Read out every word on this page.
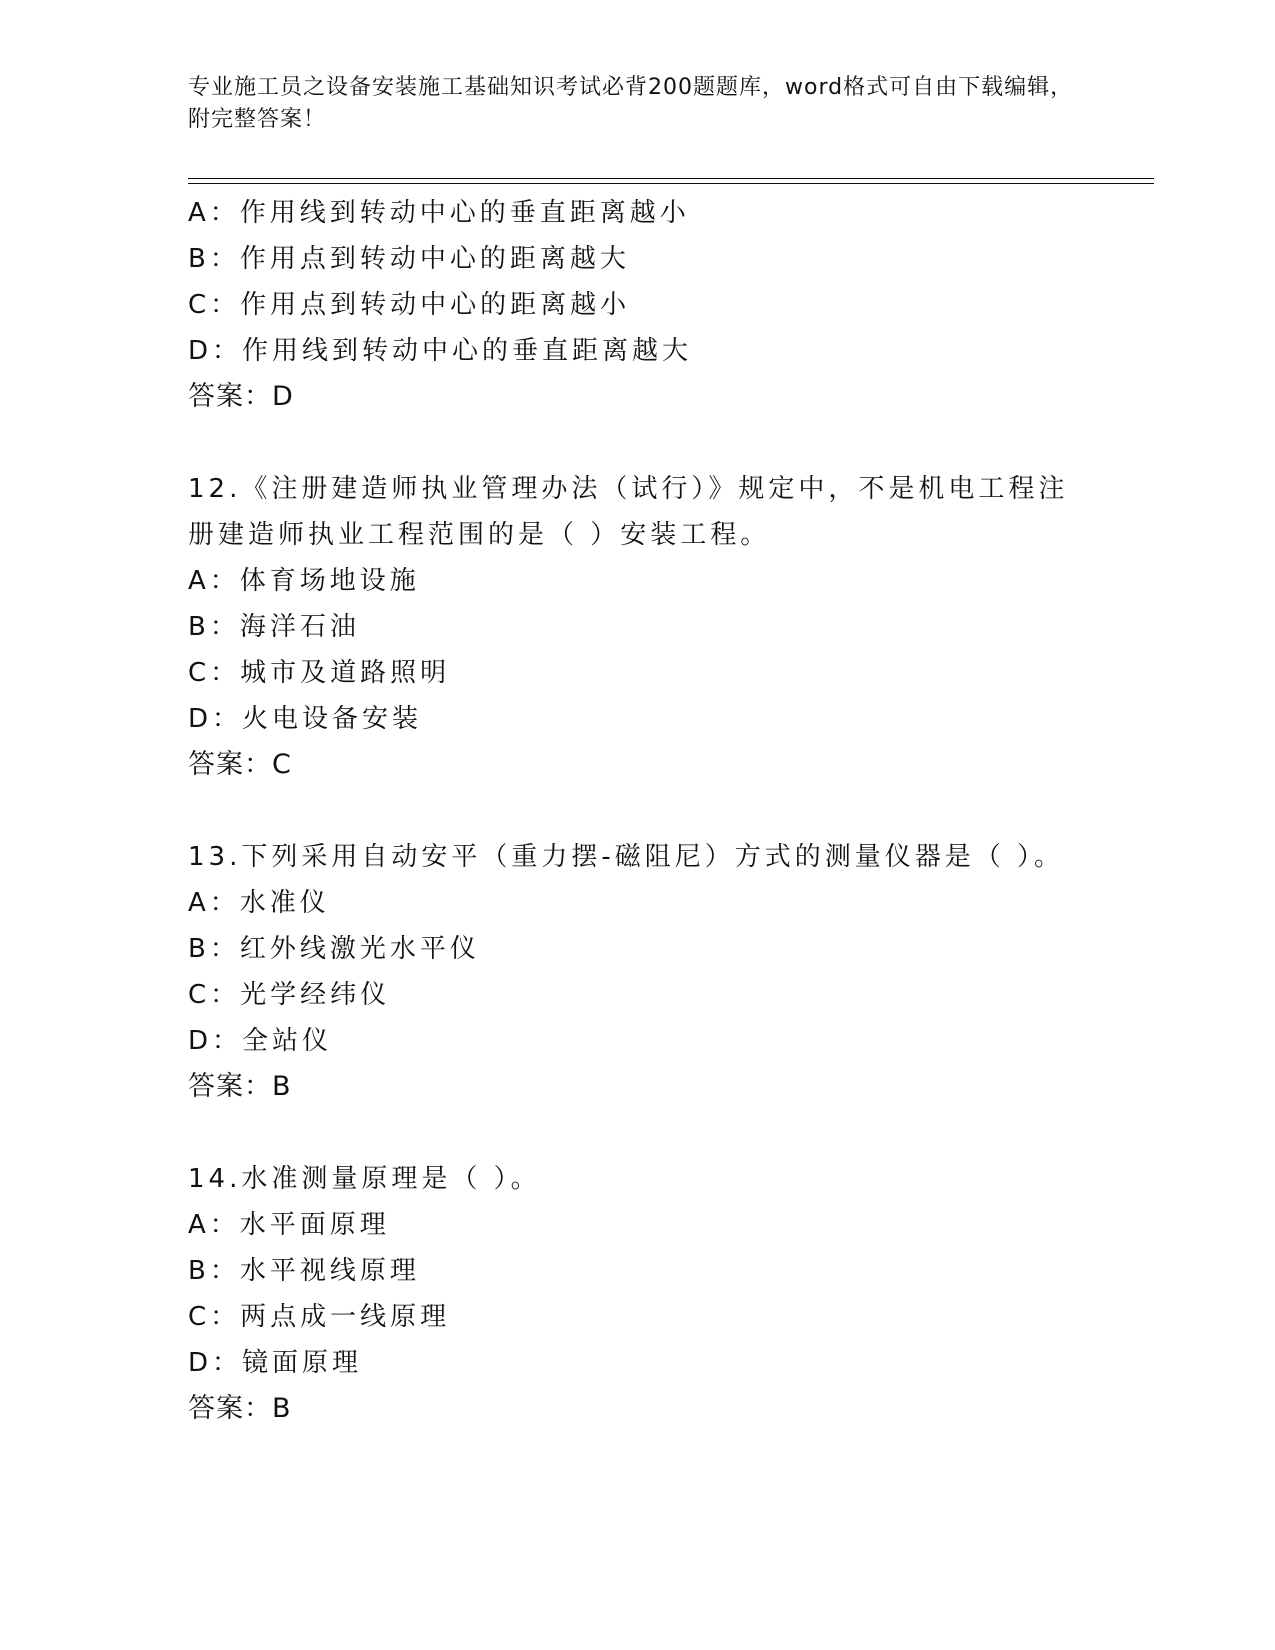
专业施工员之设备安装施工基础知识考试必背200题题库，word格式可自由下载编辑，附完整答案！
A：作用线到转动中心的垂直距离越小
B：作用点到转动中心的距离越大
C：作用点到转动中心的距离越小
D：作用线到转动中心的垂直距离越大
答案：D
12.《注册建造师执业管理办法（试行）》规定中，不是机电工程注册建造师执业工程范围的是（ ）安装工程。
A：体育场地设施
B：海洋石油
C：城市及道路照明
D：火电设备安装
答案：C
13.下列采用自动安平（重力摆-磁阻尼）方式的测量仪器是（ ）。
A：水准仪
B：红外线激光水平仪
C：光学经纬仪
D：全站仪
答案：B
14.水准测量原理是（ ）。
A：水平面原理
B：水平视线原理
C：两点成一线原理
D：镜面原理
答案：B
